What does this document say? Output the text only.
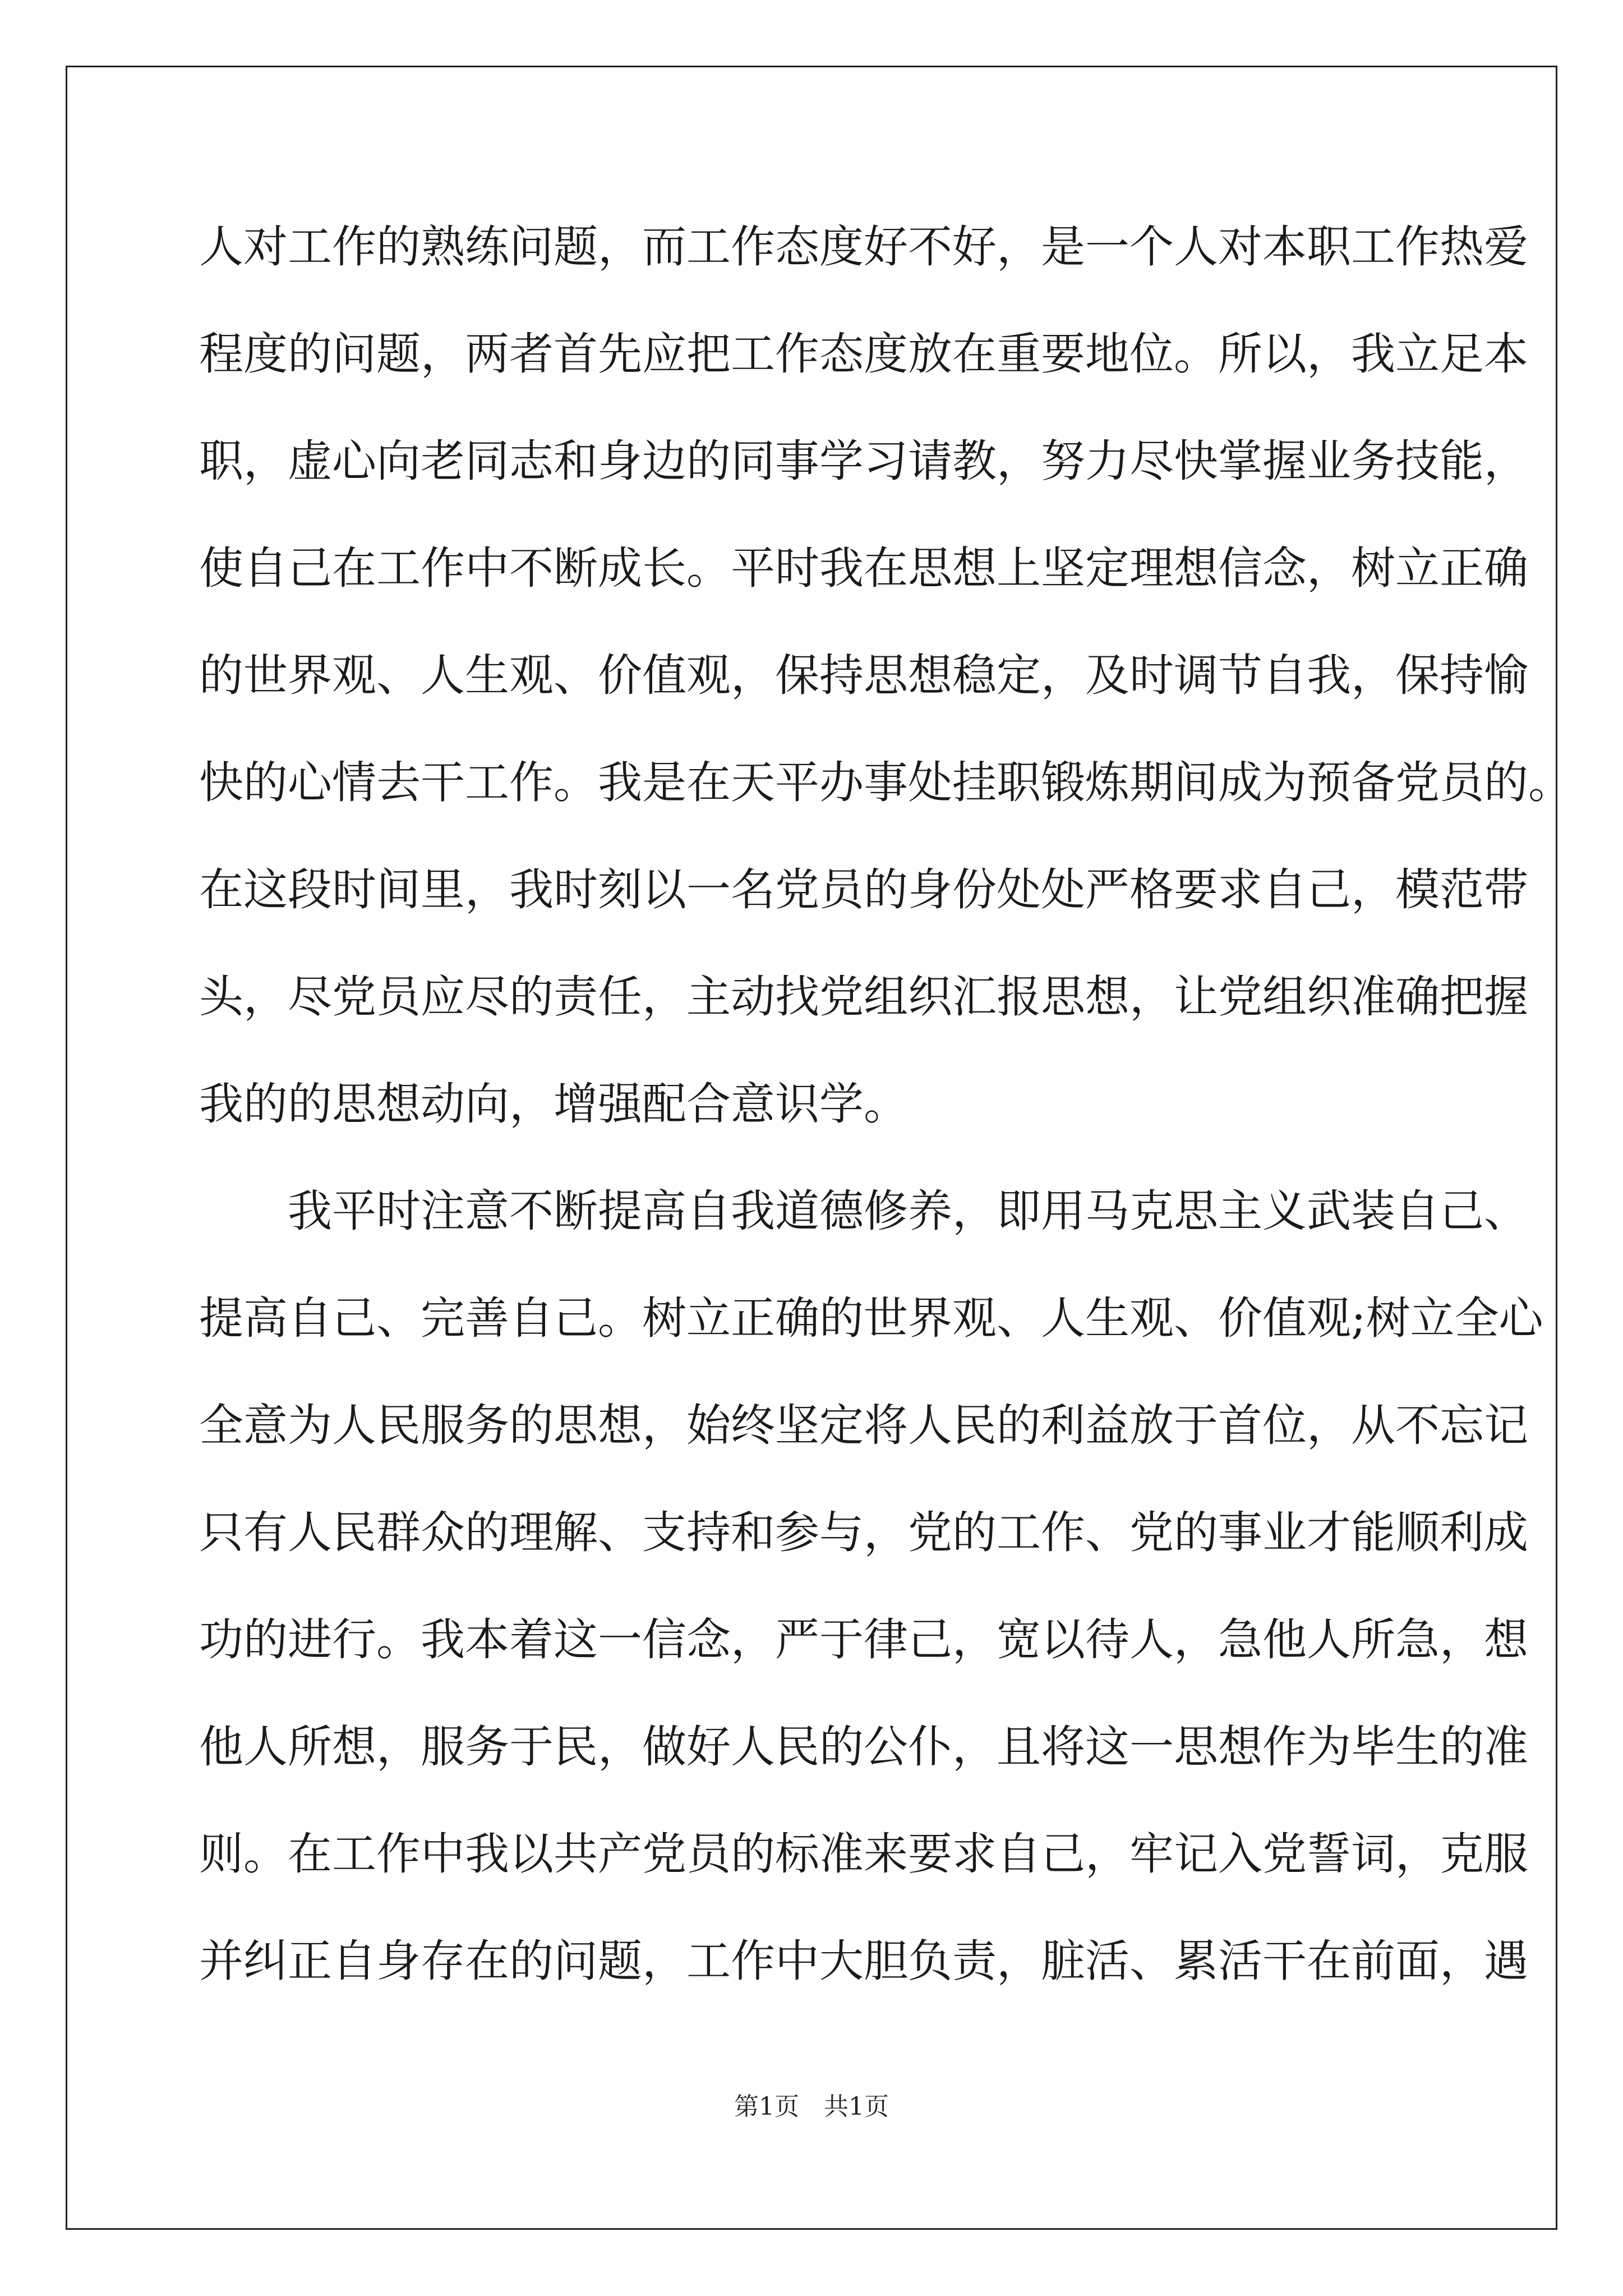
人对工作的熟练问题，而工作态度好不好，是一个人对本职工作热爱
程度的问题，两者首先应把工作态度放在重要地位。所以，我立足本
职，虚心向老同志和身边的同事学习请教，努力尽快掌握业务技能，
使自己在工作中不断成长。平时我在思想上坚定理想信念，树立正确
的世界观、人生观、价值观，保持思想稳定，及时调节自我，保持愉
快的心情去干工作。我是在天平办事处挂职锻炼期间成为预备党员的。
在这段时间里，我时刻以一名党员的身份处处严格要求自己，模范带
头，尽党员应尽的责任，主动找党组织汇报思想，让党组织准确把握
我的的思想动向，增强配合意识学。
我平时注意不断提高自我道德修养，即用马克思主义武装自己、
提高自己、完善自己。树立正确的世界观、人生观、价值观;树立全心
全意为人民服务的思想，始终坚定将人民的利益放于首位，从不忘记
只有人民群众的理解、支持和参与，党的工作、党的事业才能顺利成
功的进行。我本着这一信念，严于律己，宽以待人，急他人所急，想
他人所想，服务于民，做好人民的公仆，且将这一思想作为毕生的准
则。在工作中我以共产党员的标准来要求自己，牢记入党誓词，克服
并纠正自身存在的问题，工作中大胆负责，脏活、累活干在前面，遇
第1页　共1页
